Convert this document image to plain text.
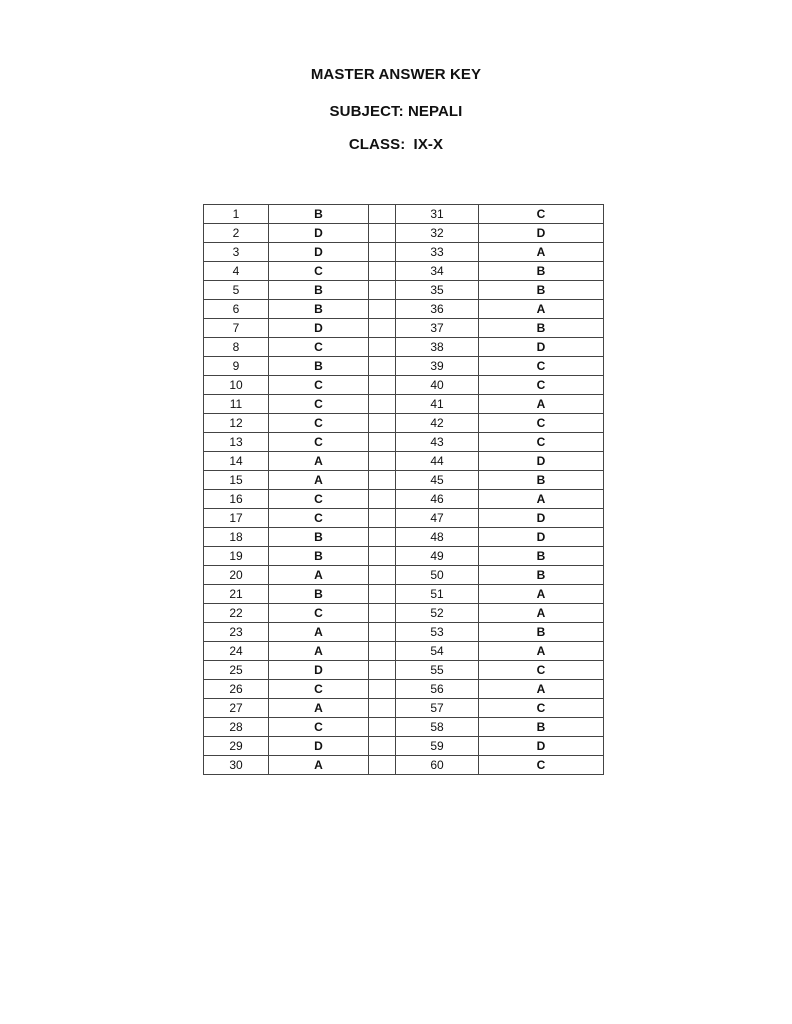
MASTER ANSWER KEY
SUBJECT: NEPALI
CLASS: IX-X
1	B		31	C
2	D		32	D
3	D		33	A
4	C		34	B
5	B		35	B
6	B		36	A
7	D		37	B
8	C		38	D
9	B		39	C
10	C		40	C
11	C		41	A
12	C		42	C
13	C		43	C
14	A		44	D
15	A		45	B
16	C		46	A
17	C		47	D
18	B		48	D
19	B		49	B
20	A		50	B
21	B		51	A
22	C		52	A
23	A		53	B
24	A		54	A
25	D		55	C
26	C		56	A
27	A		57	C
28	C		58	B
29	D		59	D
30	A		60	C
